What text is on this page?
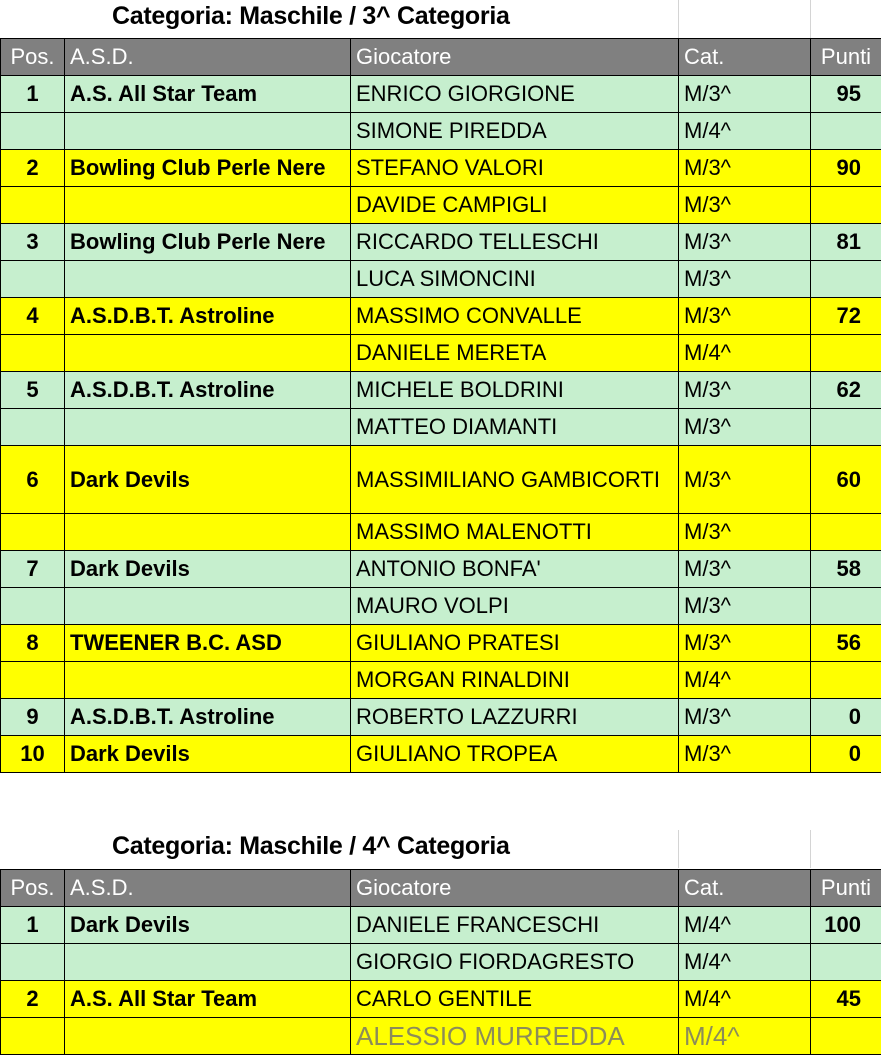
Categoria: Maschile / 3^ Categoria
Pos.	A.S.D.	Giocatore	Cat.	Punti
1	A.S. All Star Team	ENRICO GIORGIONE	M/3^	95
		SIMONE PIREDDA	M/4^	
2	Bowling Club Perle Nere	STEFANO VALORI	M/3^	90
		DAVIDE CAMPIGLI	M/3^	
3	Bowling Club Perle Nere	RICCARDO TELLESCHI	M/3^	81
		LUCA SIMONCINI	M/3^	
4	A.S.D.B.T. Astroline	MASSIMO CONVALLE	M/3^	72
		DANIELE MERETA	M/4^	
5	A.S.D.B.T. Astroline	MICHELE BOLDRINI	M/3^	62
		MATTEO DIAMANTI	M/3^	
6	Dark Devils	MASSIMILIANO GAMBICORTI	M/3^	60
		MASSIMO MALENOTTI	M/3^	
7	Dark Devils	ANTONIO BONFA'	M/3^	58
		MAURO VOLPI	M/3^	
8	TWEENER B.C. ASD	GIULIANO PRATESI	M/3^	56
		MORGAN RINALDINI	M/4^	
9	A.S.D.B.T. Astroline	ROBERTO LAZZURRI	M/3^	0
10	Dark Devils	GIULIANO TROPEA	M/3^	0
Categoria: Maschile / 4^ Categoria
Pos.	A.S.D.	Giocatore	Cat.	Punti
1	Dark Devils	DANIELE FRANCESCHI	M/4^	100
		GIORGIO FIORDAGRESTO	M/4^	
2	A.S. All Star Team	CARLO GENTILE	M/4^	45
		ALESSIO MURREDDA	M/4^	
